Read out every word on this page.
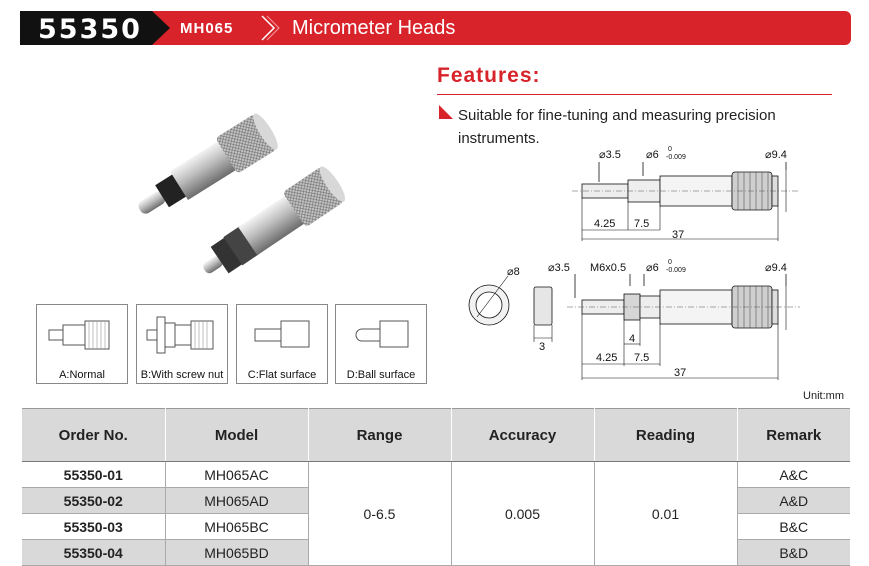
55350	MH065	Micrometer Heads
Features:
Suitable for fine-tuning and measuring precision instruments.
A:Normal	B:With screw nut	C:Flat surface	D:Ball surface
⌀3.5 ⌀6 0
-0.009	⌀9.4
4.25 7.5
37
⌀8
3
⌀3.5 M6x0.5 ⌀6 0
-0.009	⌀9.4
4
4.25 7.5
37
Unit:mm
Order No.	Model	Range	Accuracy	Reading	Remark
55350-01	MH065AC	0-6.5	0.005	0.01	A&C
55350-02	MH065AD				A&D
55350-03	MH065BC				B&C
55350-04	MH065BD				B&D
